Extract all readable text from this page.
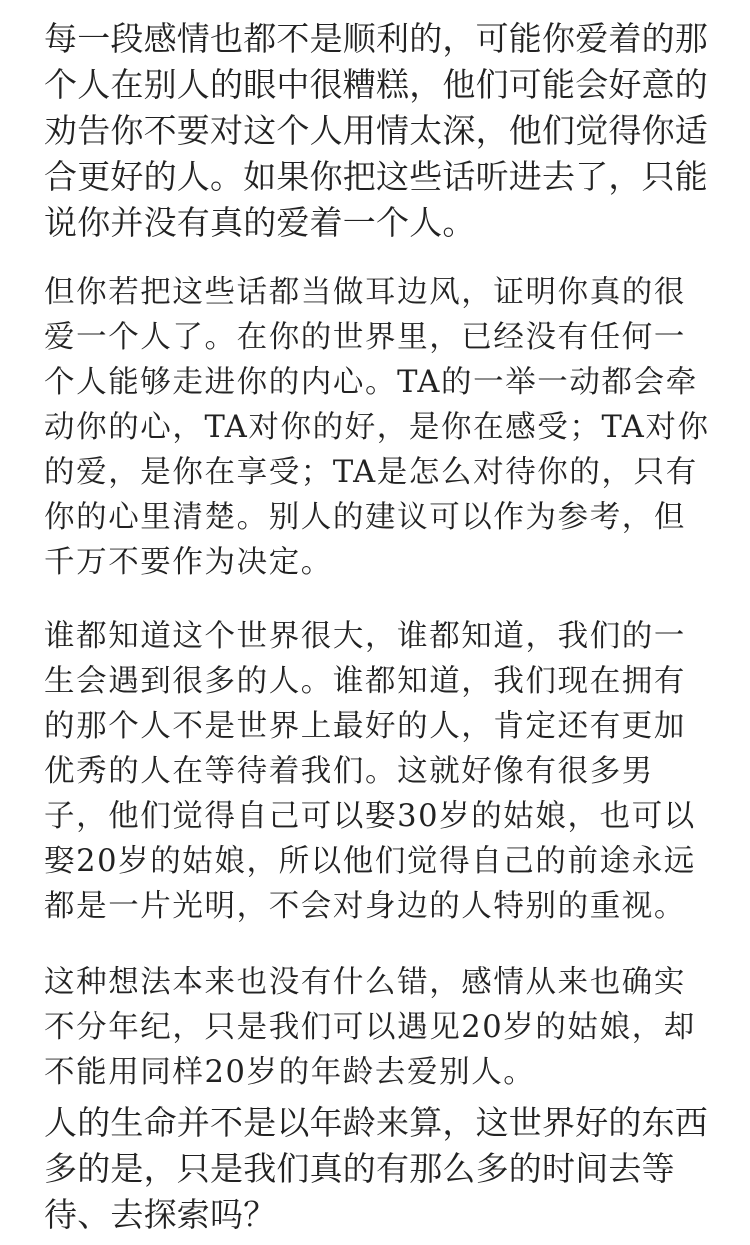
每一段感情也都不是顺利的，可能你爱着的那
个人在别人的眼中很糟糕，他们可能会好意的
劝告你不要对这个人用情太深，他们觉得你适
合更好的人。如果你把这些话听进去了，只能
说你并没有真的爱着一个人。

但你若把这些话都当做耳边风，证明你真的很
爱一个人了。在你的世界里，已经没有任何一
个人能够走进你的内心。TA的一举一动都会牵
动你的心，TA对你的好，是你在感受；TA对你
的爱，是你在享受；TA是怎么对待你的，只有
你的心里清楚。别人的建议可以作为参考，但
千万不要作为决定。

谁都知道这个世界很大，谁都知道，我们的一
生会遇到很多的人。谁都知道，我们现在拥有
的那个人不是世界上最好的人，肯定还有更加
优秀的人在等待着我们。这就好像有很多男
子，他们觉得自己可以娶30岁的姑娘，也可以
娶20岁的姑娘，所以他们觉得自己的前途永远
都是一片光明，不会对身边的人特别的重视。

这种想法本来也没有什么错，感情从来也确实
不分年纪，只是我们可以遇见20岁的姑娘，却
不能用同样20岁的年龄去爱别人。

人的生命并不是以年龄来算，这世界好的东西
多的是，只是我们真的有那么多的时间去等
待、去探索吗？
